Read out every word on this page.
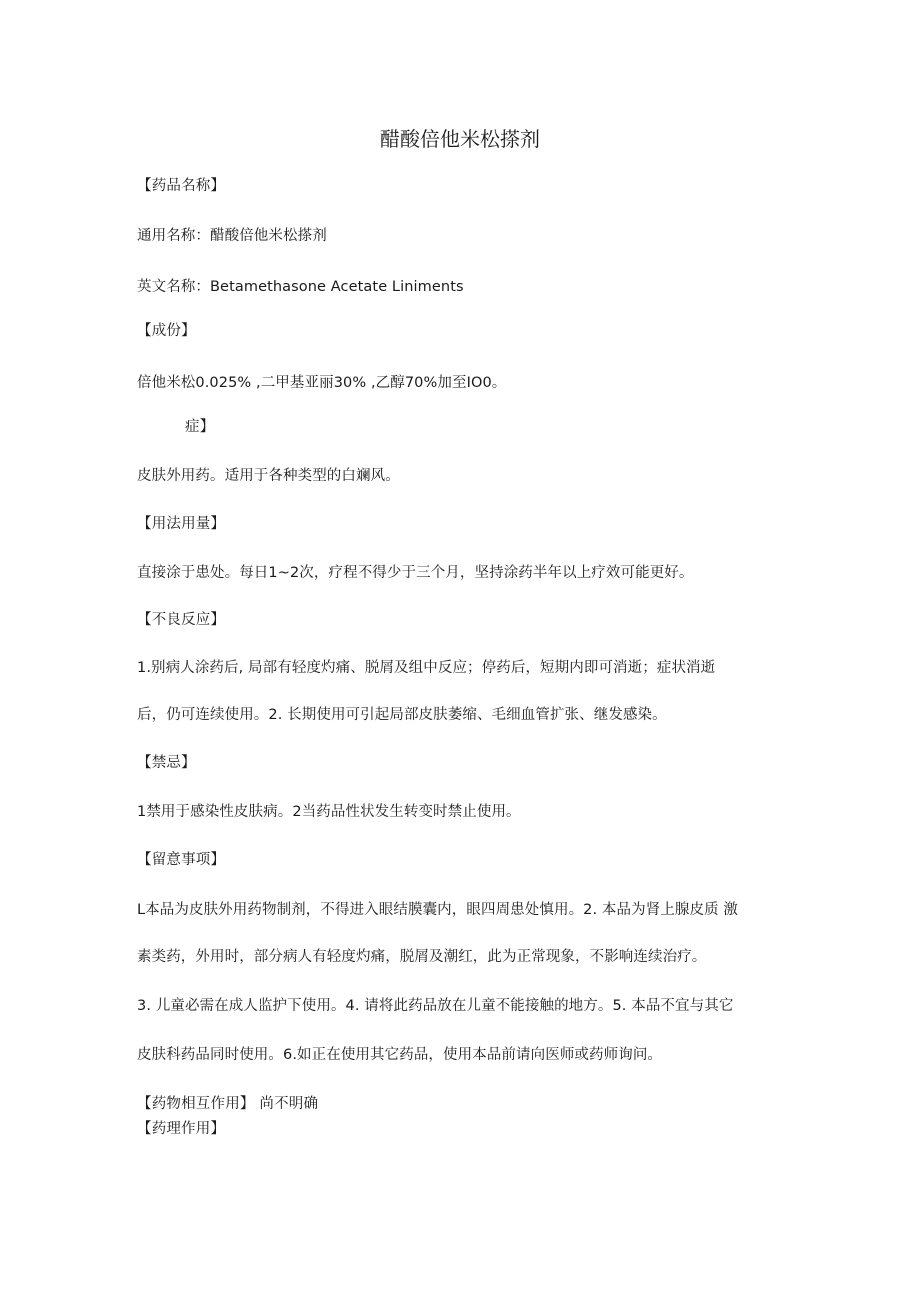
醋酸倍他米松搽剂

【药品名称】

通用名称：醋酸倍他米松搽剂

英文名称：Betamethasone Acetate Liniments

【成份】

倍他米松0.025% ,二甲基亚丽30% ,乙醇70%加至IO0。

症】

皮肤外用药。适用于各种类型的白斓风。

【用法用量】

直接涂于患处。每日1~2次，疗程不得少于三个月，坚持涂药半年以上疗效可能更好。

【不良反应】

1.别病人涂药后, 局部有轻度灼痛、脱屑及组中反应；停药后，短期内即可消逝；症状消逝

后，仍可连续使用。2. 长期使用可引起局部皮肤萎缩、毛细血管扩张、继发感染。

【禁忌】

1禁用于感染性皮肤病。2当药品性状发生转变时禁止使用。

【留意事项】

L本品为皮肤外用药物制剂，不得进入眼结膜囊内，眼四周患处慎用。2. 本品为肾上腺皮质 激

素类药，外用时，部分病人有轻度灼痛，脱屑及潮红，此为正常现象，不影响连续治疗。

3. 儿童必需在成人监护下使用。4. 请将此药品放在儿童不能接触的地方。5. 本品不宜与其它

皮肤科药品同时使用。6.如正在使用其它药品，使用本品前请向医师或药师询问。

【药物相互作用】 尚不明确

【药理作用】
